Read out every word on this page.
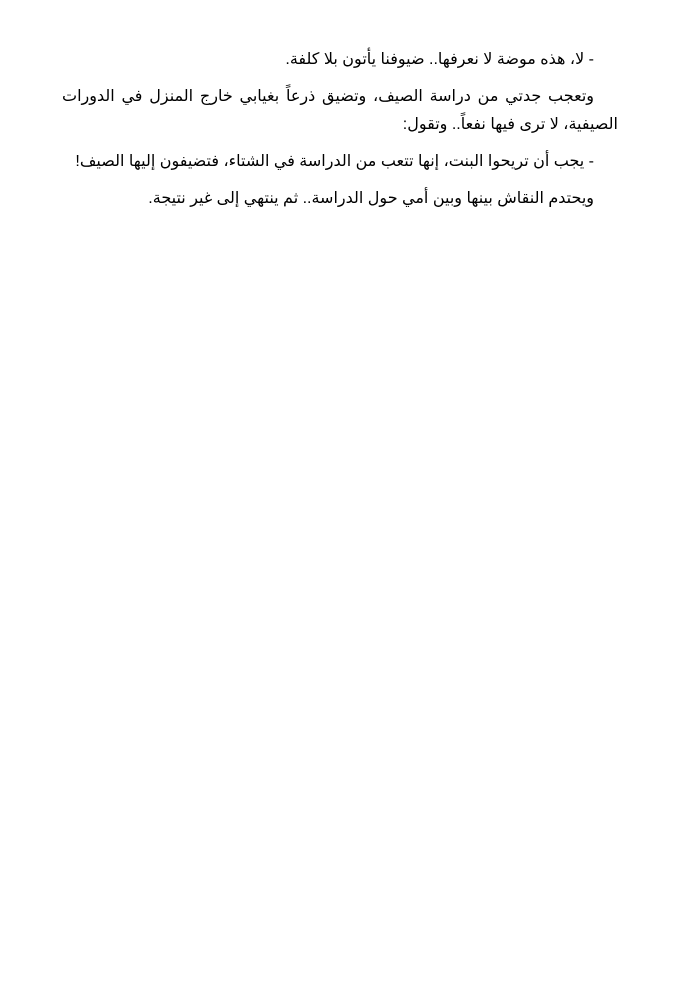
- لا، هذه موضة لا نعرفها.. ضيوفنا يأتون بلا كلفة.

وتعجب جدتي من دراسة الصيف، وتضيق ذرعاً بغيابي خارج المنزل في الدورات الصيفية، لا ترى فيها نفعاً.. وتقول:

- يجب أن تريحوا البنت، إنها تتعب من الدراسة في الشتاء، فتضيفون إليها الصيف!

ويحتدم النقاش بينها وبين أمي حول الدراسة.. ثم ينتهي إلى غير نتيجة.
